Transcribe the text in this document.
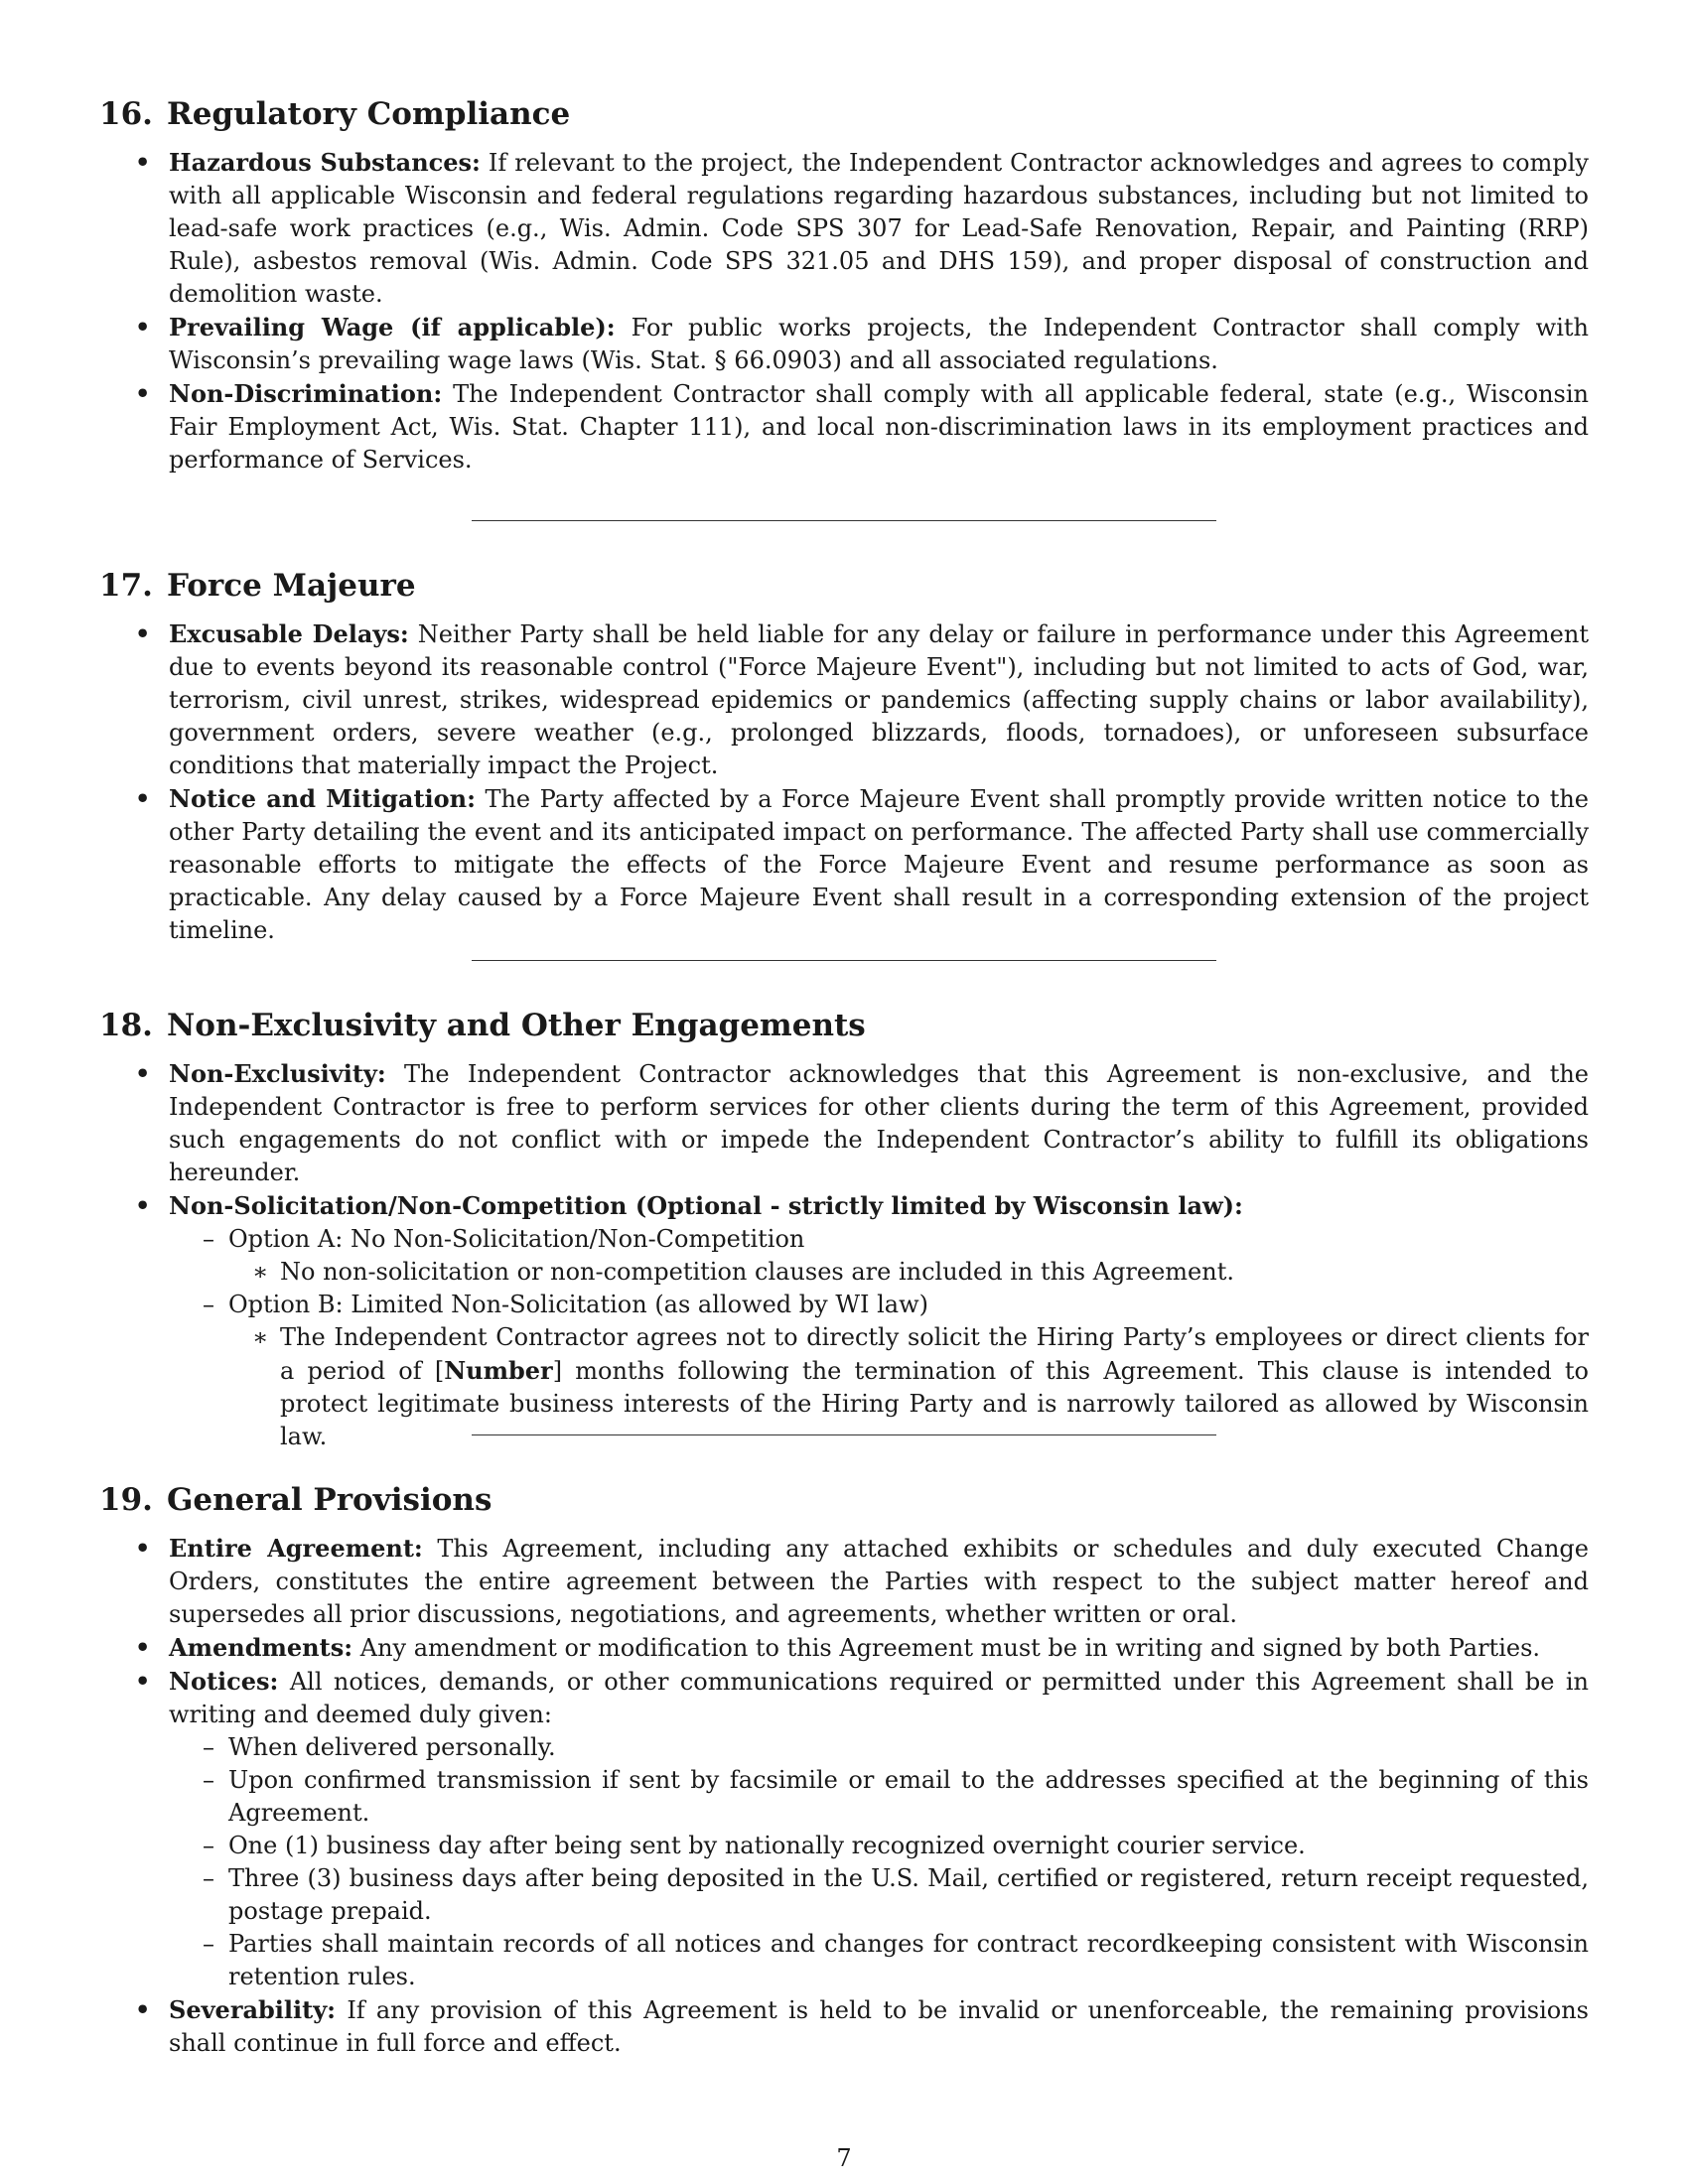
16. Regulatory Compliance
• Hazardous Substances: If relevant to the project, the Independent Contractor acknowledges and agrees to comply with all applicable Wisconsin and federal regulations regarding hazardous substances, including but not limited to lead-safe work practices (e.g., Wis. Admin. Code SPS 307 for Lead-Safe Renovation, Repair, and Painting (RRP) Rule), asbestos removal (Wis. Admin. Code SPS 321.05 and DHS 159), and proper disposal of construction and demolition waste.
• Prevailing Wage (if applicable): For public works projects, the Independent Contractor shall comply with Wisconsin’s prevailing wage laws (Wis. Stat. § 66.0903) and all associated regulations.
• Non-Discrimination: The Independent Contractor shall comply with all applicable federal, state (e.g., Wisconsin Fair Employment Act, Wis. Stat. Chapter 111), and local non-discrimination laws in its employment practices and performance of Services.
17. Force Majeure
• Excusable Delays: Neither Party shall be held liable for any delay or failure in performance under this Agreement due to events beyond its reasonable control ("Force Majeure Event"), including but not limited to acts of God, war, terrorism, civil unrest, strikes, widespread epidemics or pandemics (affecting supply chains or labor availability), government orders, severe weather (e.g., prolonged blizzards, floods, tornadoes), or unforeseen subsurface conditions that materially impact the Project.
• Notice and Mitigation: The Party affected by a Force Majeure Event shall promptly provide written notice to the other Party detailing the event and its anticipated impact on performance. The affected Party shall use commercially reasonable efforts to mitigate the effects of the Force Majeure Event and resume performance as soon as practicable. Any delay caused by a Force Majeure Event shall result in a corresponding extension of the project timeline.
18. Non-Exclusivity and Other Engagements
• Non-Exclusivity: The Independent Contractor acknowledges that this Agreement is non-exclusive, and the Independent Contractor is free to perform services for other clients during the term of this Agreement, provided such engagements do not conflict with or impede the Independent Contractor’s ability to fulfill its obligations hereunder.
• Non-Solicitation/Non-Competition (Optional - strictly limited by Wisconsin law):
– Option A: No Non-Solicitation/Non-Competition
∗ No non-solicitation or non-competition clauses are included in this Agreement.
– Option B: Limited Non-Solicitation (as allowed by WI law)
∗ The Independent Contractor agrees not to directly solicit the Hiring Party’s employees or direct clients for a period of [Number] months following the termination of this Agreement. This clause is intended to protect legitimate business interests of the Hiring Party and is narrowly tailored as allowed by Wisconsin law.
19. General Provisions
• Entire Agreement: This Agreement, including any attached exhibits or schedules and duly executed Change Orders, constitutes the entire agreement between the Parties with respect to the subject matter hereof and supersedes all prior discussions, negotiations, and agreements, whether written or oral.
• Amendments: Any amendment or modification to this Agreement must be in writing and signed by both Parties.
• Notices: All notices, demands, or other communications required or permitted under this Agreement shall be in writing and deemed duly given:
– When delivered personally.
– Upon confirmed transmission if sent by facsimile or email to the addresses specified at the beginning of this Agreement.
– One (1) business day after being sent by nationally recognized overnight courier service.
– Three (3) business days after being deposited in the U.S. Mail, certified or registered, return receipt requested, postage prepaid.
– Parties shall maintain records of all notices and changes for contract recordkeeping consistent with Wisconsin retention rules.
• Severability: If any provision of this Agreement is held to be invalid or unenforceable, the remaining provisions shall continue in full force and effect.
7
